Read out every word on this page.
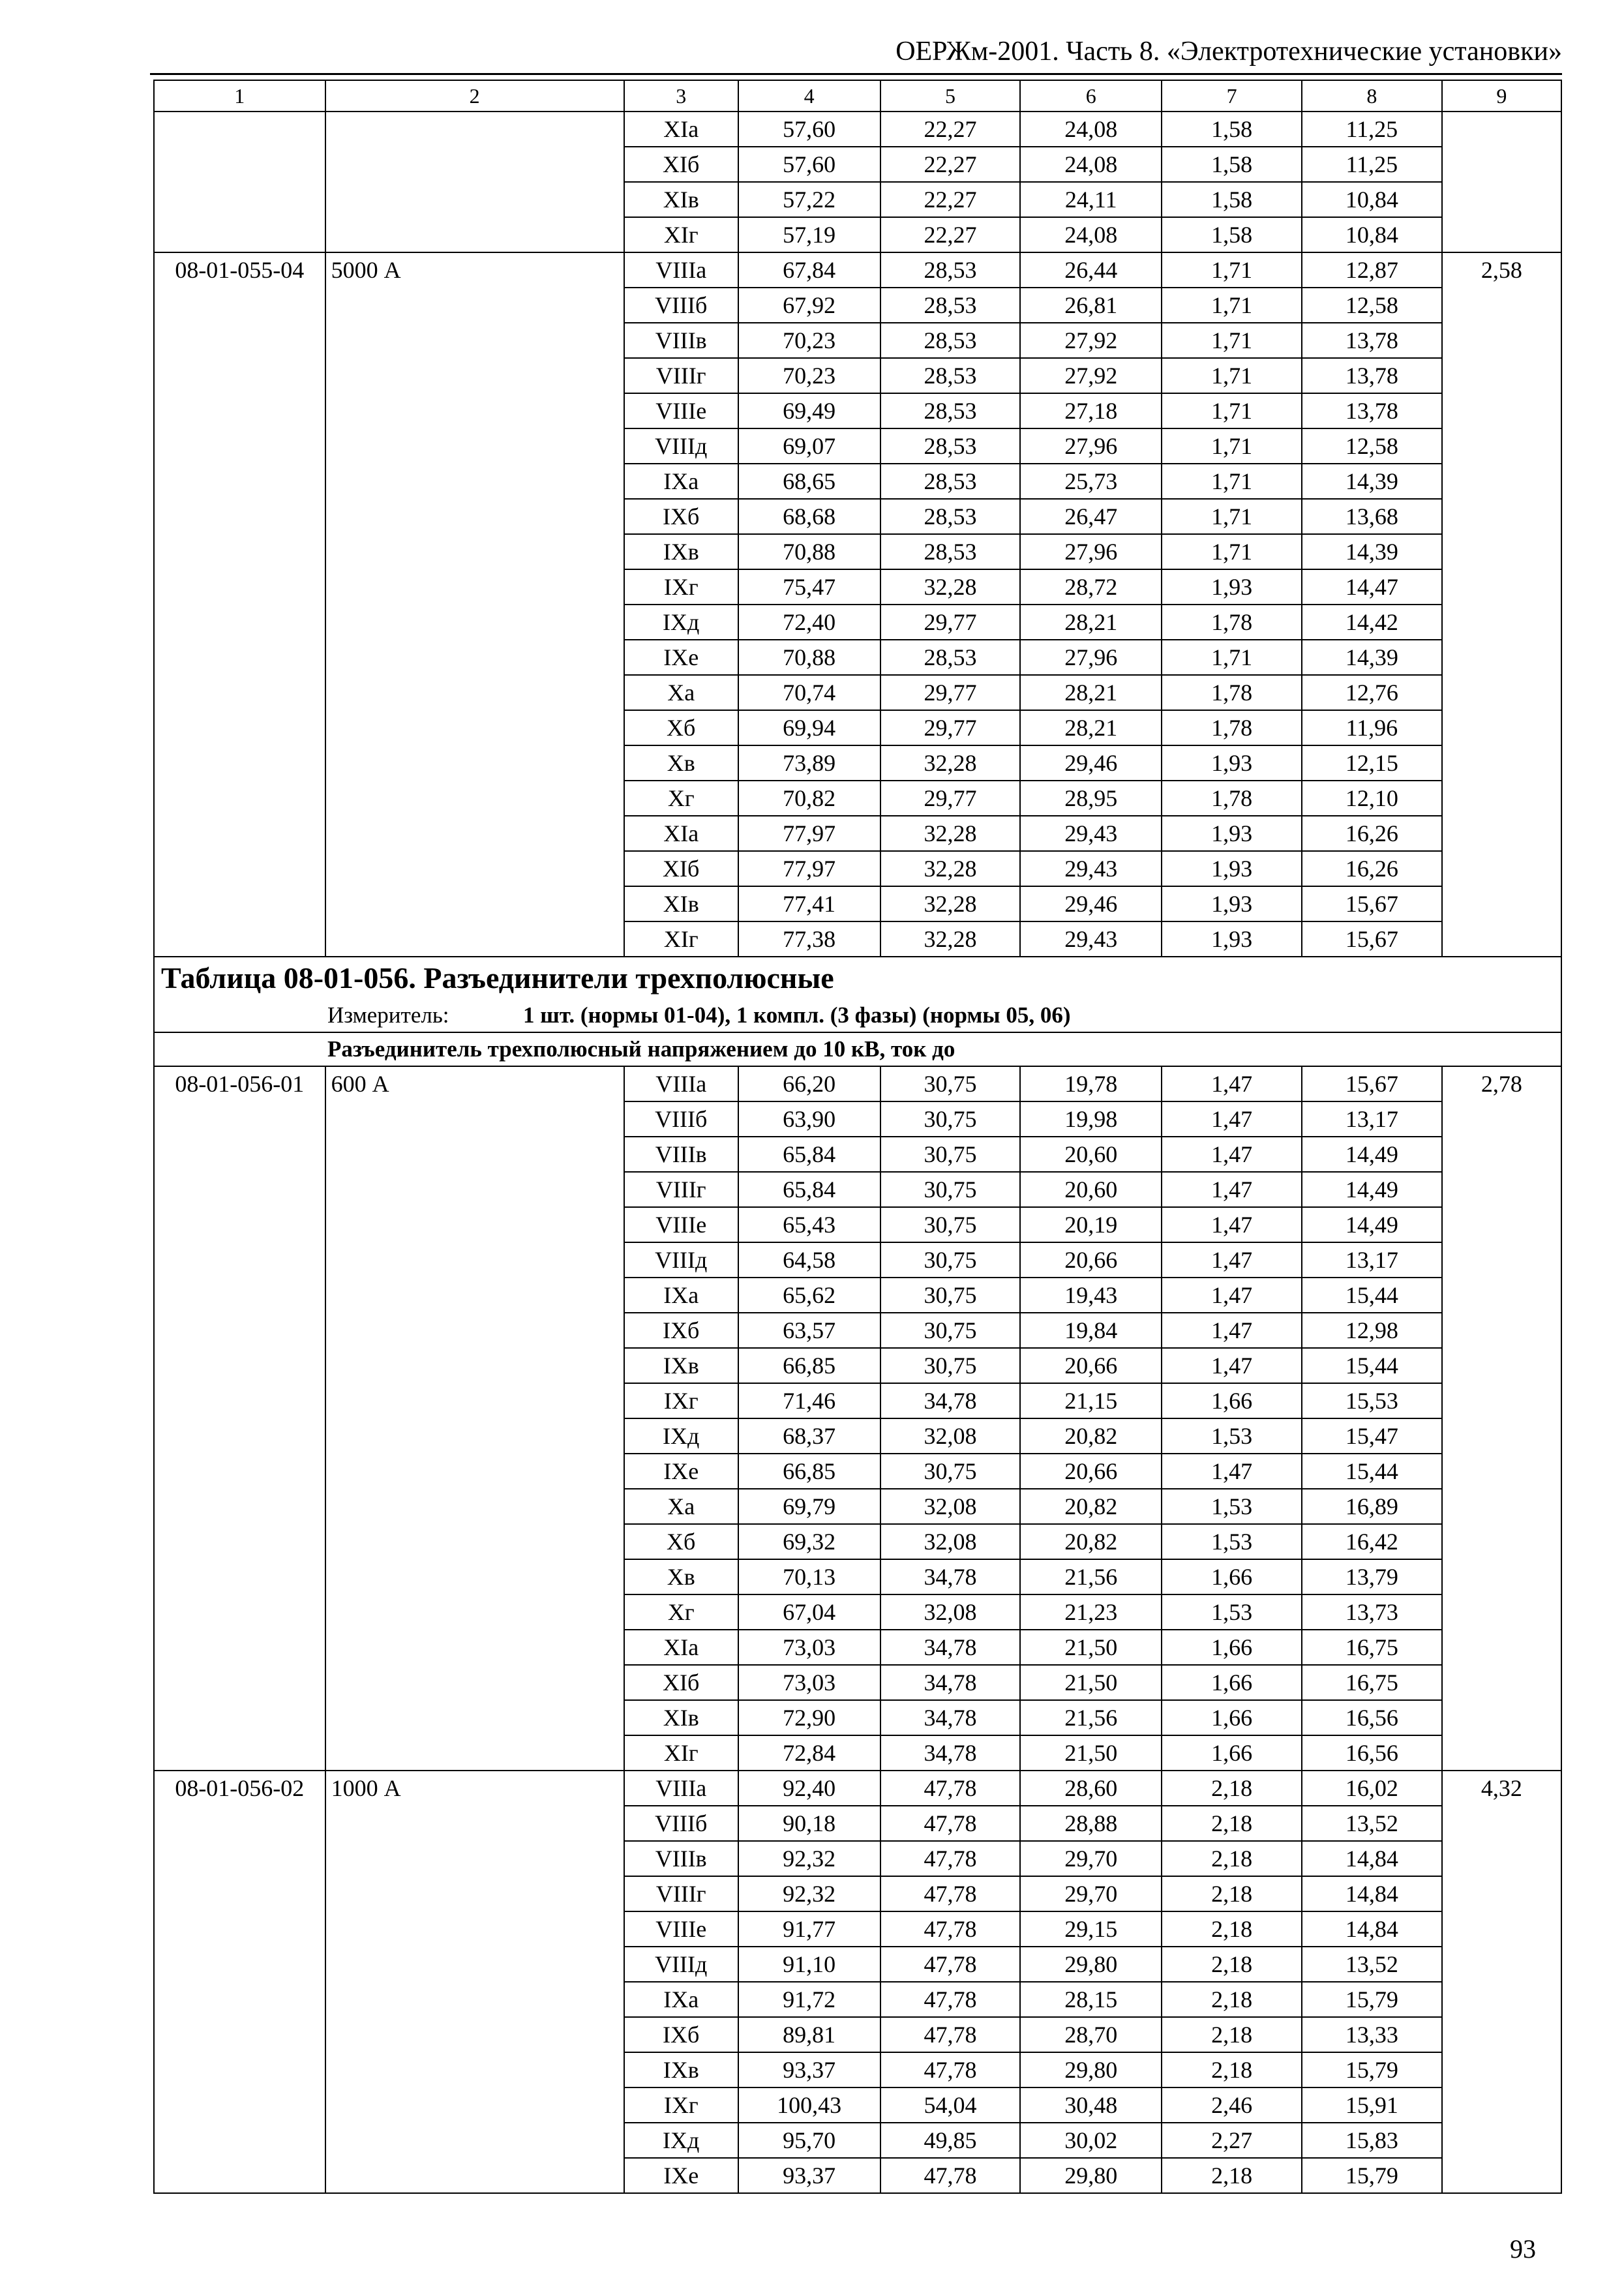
ОЕРЖм-2001. Часть 8. «Электротехнические установки»
1	2	3	4	5	6	7	8	9
		XIа	57,60	22,27	24,08	1,58	11,25	
		XIб	57,60	22,27	24,08	1,58	11,25	
		XIв	57,22	22,27	24,11	1,58	10,84	
		XIг	57,19	22,27	24,08	1,58	10,84	
08-01-055-04	5000 А	VIIIа	67,84	28,53	26,44	1,71	12,87	2,58
		VIIIб	67,92	28,53	26,81	1,71	12,58	
		VIIIв	70,23	28,53	27,92	1,71	13,78	
		VIIIг	70,23	28,53	27,92	1,71	13,78	
		VIIIе	69,49	28,53	27,18	1,71	13,78	
		VIIIд	69,07	28,53	27,96	1,71	12,58	
		IXа	68,65	28,53	25,73	1,71	14,39	
		IXб	68,68	28,53	26,47	1,71	13,68	
		IXв	70,88	28,53	27,96	1,71	14,39	
		IXг	75,47	32,28	28,72	1,93	14,47	
		IXд	72,40	29,77	28,21	1,78	14,42	
		IXе	70,88	28,53	27,96	1,71	14,39	
		Xа	70,74	29,77	28,21	1,78	12,76	
		Xб	69,94	29,77	28,21	1,78	11,96	
		Xв	73,89	32,28	29,46	1,93	12,15	
		Xг	70,82	29,77	28,95	1,78	12,10	
		XIа	77,97	32,28	29,43	1,93	16,26	
		XIб	77,97	32,28	29,43	1,93	16,26	
		XIв	77,41	32,28	29,46	1,93	15,67	
		XIг	77,38	32,28	29,43	1,93	15,67	
Таблица 08-01-056. Разъединители трехполюсные								
Измеритель: 1 шт. (нормы 01-04), 1 компл. (3 фазы) (нормы 05, 06)								
Разъединитель трехполюсный напряжением до 10 кВ, ток до								
08-01-056-01	600 А	VIIIа	66,20	30,75	19,78	1,47	15,67	2,78
		VIIIб	63,90	30,75	19,98	1,47	13,17	
		VIIIв	65,84	30,75	20,60	1,47	14,49	
		VIIIг	65,84	30,75	20,60	1,47	14,49	
		VIIIе	65,43	30,75	20,19	1,47	14,49	
		VIIIд	64,58	30,75	20,66	1,47	13,17	
		IXа	65,62	30,75	19,43	1,47	15,44	
		IXб	63,57	30,75	19,84	1,47	12,98	
		IXв	66,85	30,75	20,66	1,47	15,44	
		IXг	71,46	34,78	21,15	1,66	15,53	
		IXд	68,37	32,08	20,82	1,53	15,47	
		IXе	66,85	30,75	20,66	1,47	15,44	
		Xа	69,79	32,08	20,82	1,53	16,89	
		Xб	69,32	32,08	20,82	1,53	16,42	
		Xв	70,13	34,78	21,56	1,66	13,79	
		Xг	67,04	32,08	21,23	1,53	13,73	
		XIа	73,03	34,78	21,50	1,66	16,75	
		XIб	73,03	34,78	21,50	1,66	16,75	
		XIв	72,90	34,78	21,56	1,66	16,56	
		XIг	72,84	34,78	21,50	1,66	16,56	
08-01-056-02	1000 А	VIIIа	92,40	47,78	28,60	2,18	16,02	4,32
		VIIIб	90,18	47,78	28,88	2,18	13,52	
		VIIIв	92,32	47,78	29,70	2,18	14,84	
		VIIIг	92,32	47,78	29,70	2,18	14,84	
		VIIIе	91,77	47,78	29,15	2,18	14,84	
		VIIIд	91,10	47,78	29,80	2,18	13,52	
		IXа	91,72	47,78	28,15	2,18	15,79	
		IXб	89,81	47,78	28,70	2,18	13,33	
		IXв	93,37	47,78	29,80	2,18	15,79	
		IXг	100,43	54,04	30,48	2,46	15,91	
		IXд	95,70	49,85	30,02	2,27	15,83	
		IXе	93,37	47,78	29,80	2,18	15,79	
93
